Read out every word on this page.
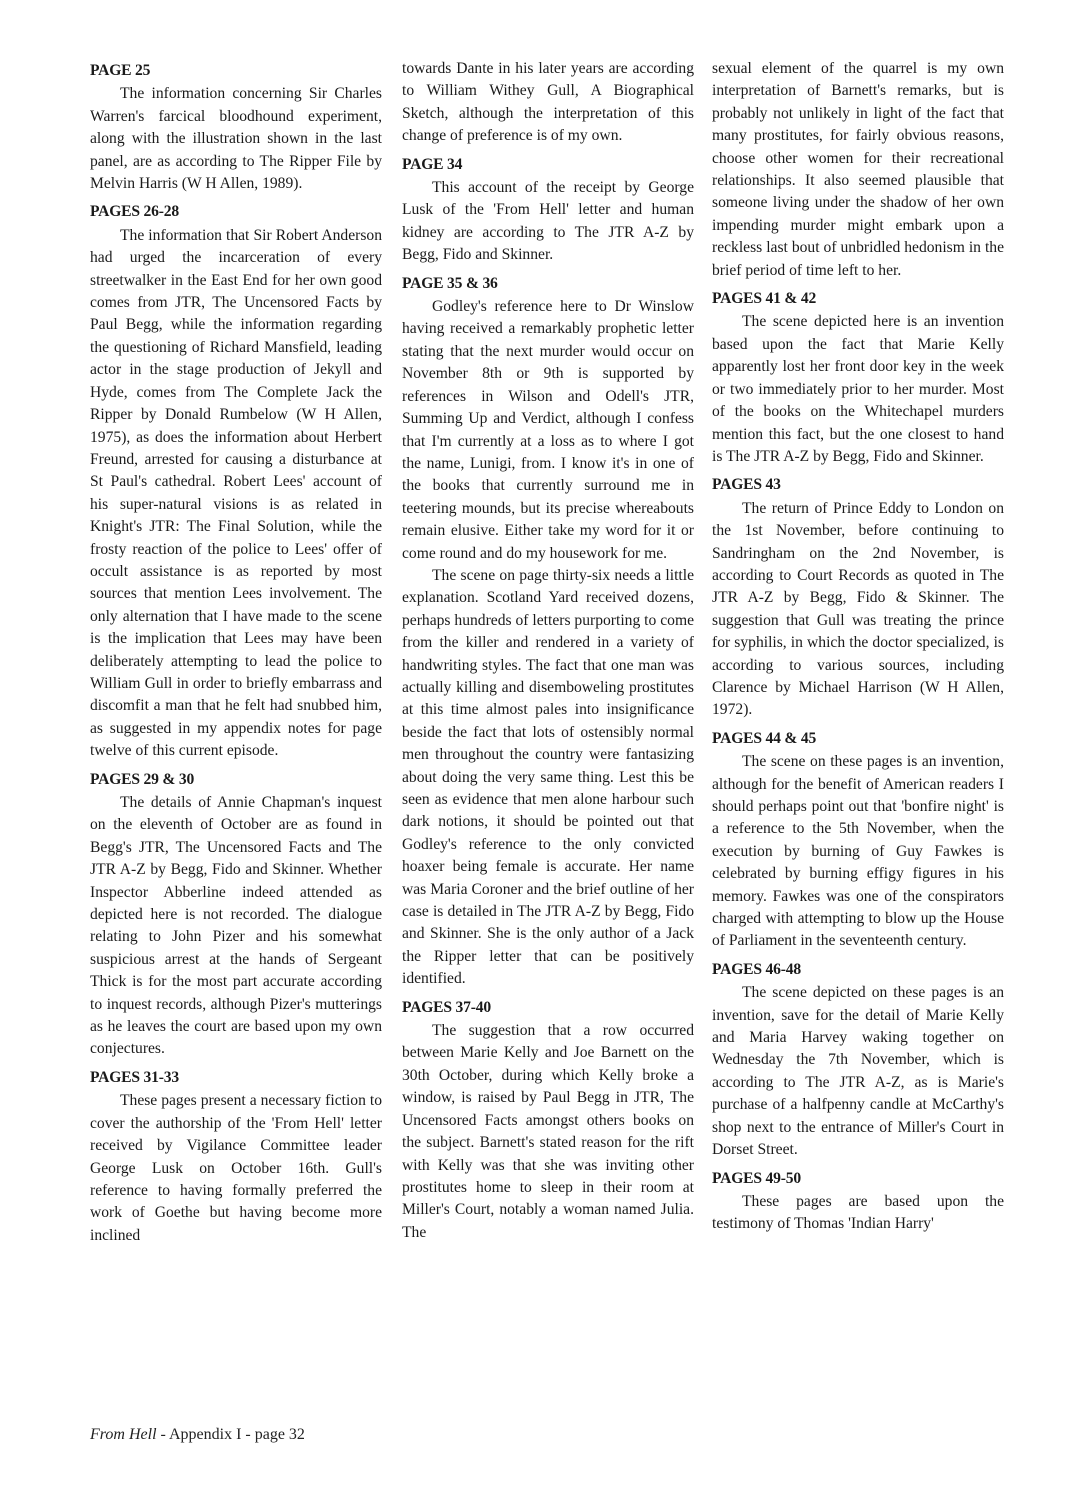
PAGE 25

The information concerning Sir Charles Warren's farcical bloodhound experiment, along with the illustration shown in the last panel, are as according to The Ripper File by Melvin Harris (W H Allen, 1989).

PAGES 26-28

The information that Sir Robert Anderson had urged the incarceration of every streetwalker in the East End for her own good comes from JTR, The Uncensored Facts by Paul Begg, while the information regarding the questioning of Richard Mansfield, leading actor in the stage production of Jekyll and Hyde, comes from The Complete Jack the Ripper by Donald Rumbelow (W H Allen, 1975), as does the information about Herbert Freund, arrested for causing a disturbance at St Paul's cathedral. Robert Lees' account of his super-natural visions is as related in Knight's JTR: The Final Solution, while the frosty reaction of the police to Lees' offer of occult assistance is as reported by most sources that mention Lees involvement. The only alternation that I have made to the scene is the implication that Lees may have been deliberately attempting to lead the police to William Gull in order to briefly embarrass and discomfit a man that he felt had snubbed him, as suggested in my appendix notes for page twelve of this current episode.

PAGES 29 & 30

The details of Annie Chapman's inquest on the eleventh of October are as found in Begg's JTR, The Uncensored Facts and The JTR A-Z by Begg, Fido and Skinner. Whether Inspector Abberline indeed attended as depicted here is not recorded. The dialogue relating to John Pizer and his somewhat suspicious arrest at the hands of Sergeant Thick is for the most part accurate according to inquest records, although Pizer's mutterings as he leaves the court are based upon my own conjectures.

PAGES 31-33

These pages present a necessary fiction to cover the authorship of the 'From Hell' letter received by Vigilance Committee leader George Lusk on October 16th. Gull's reference to having formally preferred the work of Goethe but having become more inclined

towards Dante in his later years are according to William Withey Gull, A Biographical Sketch, although the interpretation of this change of preference is of my own.

PAGE 34

This account of the receipt by George Lusk of the 'From Hell' letter and human kidney are according to The JTR A-Z by Begg, Fido and Skinner.

PAGE 35 & 36

Godley's reference here to Dr Winslow having received a remarkably prophetic letter stating that the next murder would occur on November 8th or 9th is supported by references in Wilson and Odell's JTR, Summing Up and Verdict, although I confess that I'm currently at a loss as to where I got the name, Lunigi, from. I know it's in one of the books that currently surround me in teetering mounds, but its precise whereabouts remain elusive. Either take my word for it or come round and do my housework for me.

The scene on page thirty-six needs a little explanation. Scotland Yard received dozens, perhaps hundreds of letters purporting to come from the killer and rendered in a variety of handwriting styles. The fact that one man was actually killing and disemboweling prostitutes at this time almost pales into insignificance beside the fact that lots of ostensibly normal men throughout the country were fantasizing about doing the very same thing. Lest this be seen as evidence that men alone harbour such dark notions, it should be pointed out that Godley's reference to the only convicted hoaxer being female is accurate. Her name was Maria Coroner and the brief outline of her case is detailed in The JTR A-Z by Begg, Fido and Skinner. She is the only author of a Jack the Ripper letter that can be positively identified.

PAGES 37-40

The suggestion that a row occurred between Marie Kelly and Joe Barnett on the 30th October, during which Kelly broke a window, is raised by Paul Begg in JTR, The Uncensored Facts amongst others books on the subject. Barnett's stated reason for the rift with Kelly was that she was inviting other prostitutes home to sleep in their room at Miller's Court, notably a woman named Julia. The

sexual element of the quarrel is my own interpretation of Barnett's remarks, but is probably not unlikely in light of the fact that many prostitutes, for fairly obvious reasons, choose other women for their recreational relationships. It also seemed plausible that someone living under the shadow of her own impending murder might embark upon a reckless last bout of unbridled hedonism in the brief period of time left to her.

PAGES 41 & 42

The scene depicted here is an invention based upon the fact that Marie Kelly apparently lost her front door key in the week or two immediately prior to her murder. Most of the books on the Whitechapel murders mention this fact, but the one closest to hand is The JTR A-Z by Begg, Fido and Skinner.

PAGES 43

The return of Prince Eddy to London on the 1st November, before continuing to Sandringham on the 2nd November, is according to Court Records as quoted in The JTR A-Z by Begg, Fido & Skinner. The suggestion that Gull was treating the prince for syphilis, in which the doctor specialized, is according to various sources, including Clarence by Michael Harrison (W H Allen, 1972).

PAGES 44 & 45

The scene on these pages is an invention, although for the benefit of American readers I should perhaps point out that 'bonfire night' is a reference to the 5th November, when the execution by burning of Guy Fawkes is celebrated by burning effigy figures in his memory. Fawkes was one of the conspirators charged with attempting to blow up the House of Parliament in the seventeenth century.

PAGES 46-48

The scene depicted on these pages is an invention, save for the detail of Marie Kelly and Maria Harvey waking together on Wednesday the 7th November, which is according to The JTR A-Z, as is Marie's purchase of a halfpenny candle at McCarthy's shop next to the entrance of Miller's Court in Dorset Street.

PAGES 49-50

These pages are based upon the testimony of Thomas 'Indian Harry'

From Hell - Appendix I - page 32
